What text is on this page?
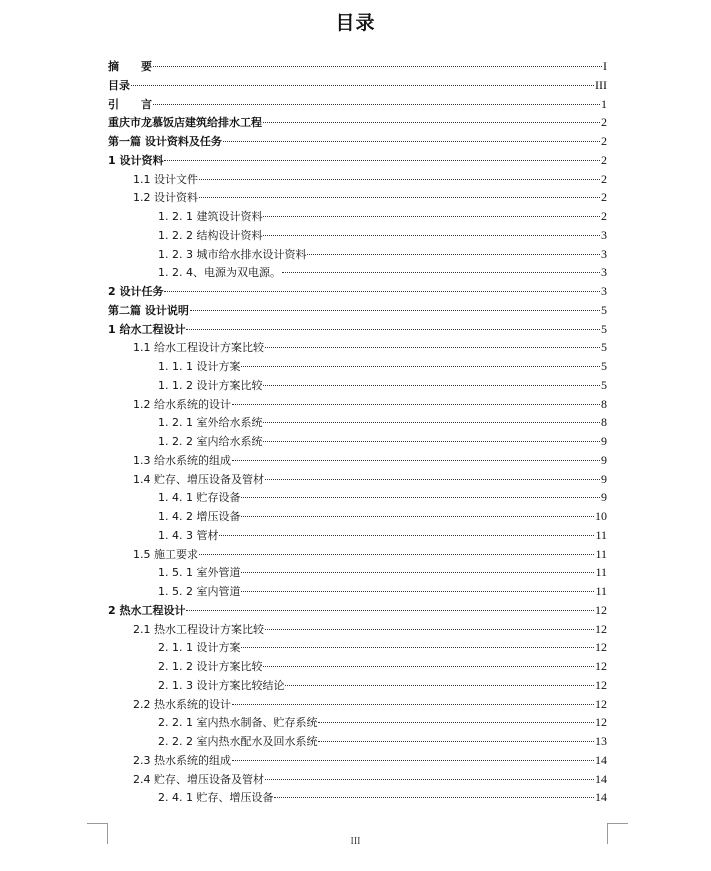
目录
摘　　要	I
目录	III
引　　言	1
重庆市龙慕饭店建筑给排水工程	2
第一篇 设计资料及任务	2
1 设计资料	2
1.1 设计文件	2
1.2 设计资料	2
1. 2. 1 建筑设计资料	2
1. 2. 2 结构设计资料	3
1. 2. 3 城市给水排水设计资料	3
1. 2. 4、电源为双电源。	3
2 设计任务	3
第二篇 设计说明	5
1 给水工程设计	5
1.1 给水工程设计方案比较	5
1. 1. 1 设计方案	5
1. 1. 2 设计方案比较	5
1.2 给水系统的设计	8
1. 2. 1 室外给水系统	8
1. 2. 2 室内给水系统	9
1.3 给水系统的组成	9
1.4 贮存、增压设备及管材	9
1. 4. 1 贮存设备	9
1. 4. 2 增压设备	10
1. 4. 3 管材	11
1.5 施工要求	11
1. 5. 1 室外管道	11
1. 5. 2 室内管道	11
2 热水工程设计	12
2.1 热水工程设计方案比较	12
2. 1. 1 设计方案	12
2. 1. 2 设计方案比较	12
2. 1. 3 设计方案比较结论	12
2.2 热水系统的设计	12
2. 2. 1 室内热水制备、贮存系统	12
2. 2. 2 室内热水配水及回水系统	13
2.3 热水系统的组成	14
2.4 贮存、增压设备及管材	14
2. 4. 1 贮存、增压设备	14
III
